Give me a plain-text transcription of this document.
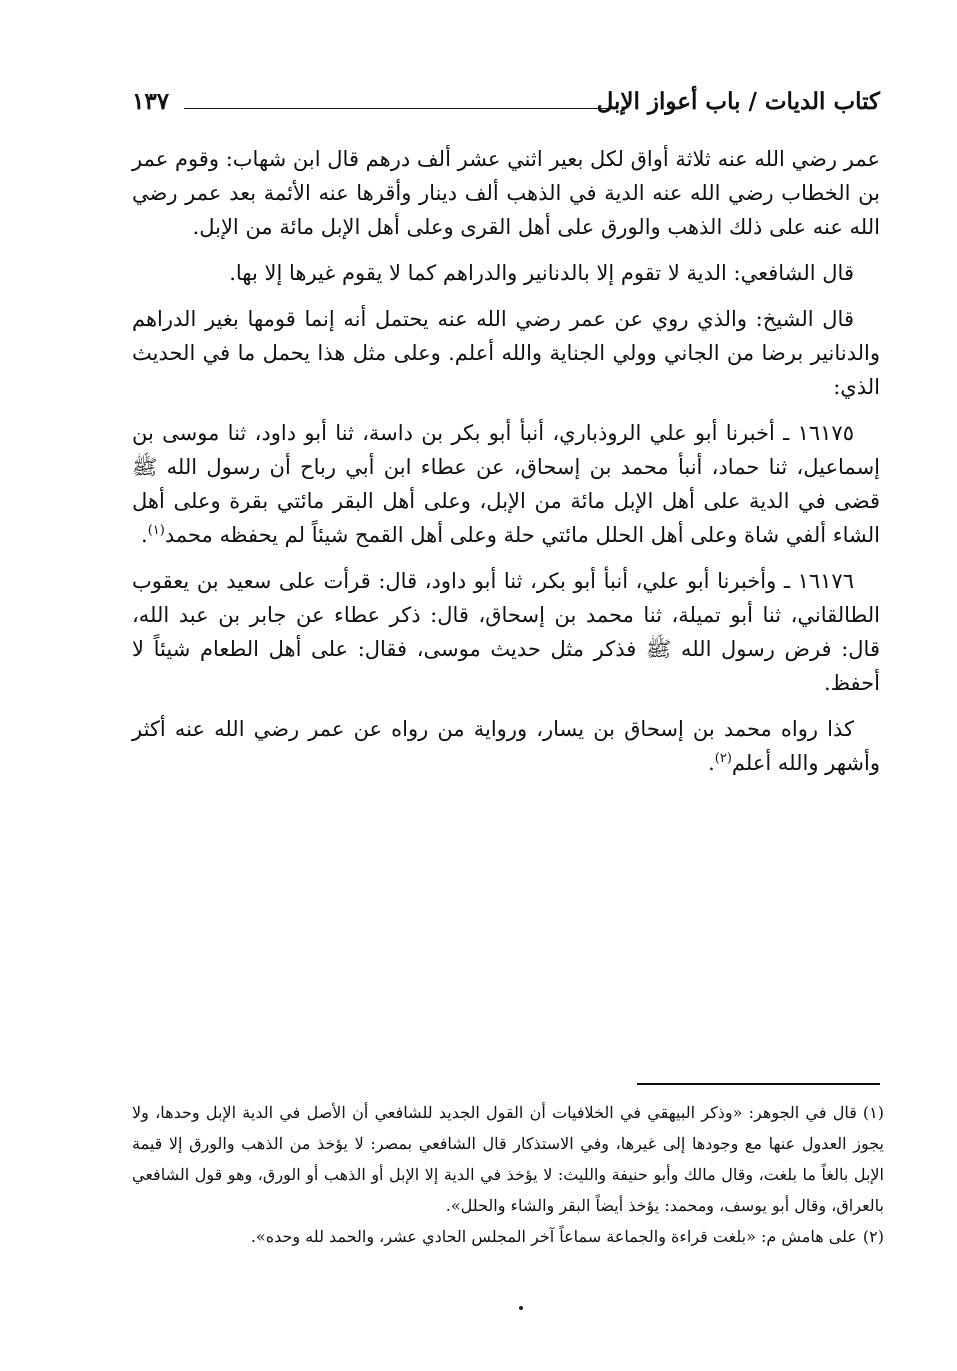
كتاب الديات / باب أعواز الإبل
١٣٧

عمر رضي الله عنه ثلاثة أواق لكل بعير اثني عشر ألف درهم قال ابن شهاب: وقوم عمر بن الخطاب رضي الله عنه الدية في الذهب ألف دينار وأقرها عنه الأئمة بعد عمر رضي الله عنه على ذلك الذهب والورق على أهل القرى وعلى أهل الإبل مائة من الإبل.

قال الشافعي: الدية لا تقوم إلا بالدنانير والدراهم كما لا يقوم غيرها إلا بها.

قال الشيخ: والذي روي عن عمر رضي الله عنه يحتمل أنه إنما قومها بغير الدراهم والدنانير برضا من الجاني وولي الجناية والله أعلم. وعلى مثل هذا يحمل ما في الحديث الذي:

١٦١٧٥ ـ أخبرنا أبو علي الروذباري، أنبأ أبو بكر بن داسة، ثنا أبو داود، ثنا موسى بن إسماعيل، ثنا حماد، أنبأ محمد بن إسحاق، عن عطاء ابن أبي رباح أن رسول الله ﷺ قضى في الدية على أهل الإبل مائة من الإبل، وعلى أهل البقر مائتي بقرة وعلى أهل الشاء ألفي شاة وعلى أهل الحلل مائتي حلة وعلى أهل القمح شيئاً لم يحفظه محمد$^{(١)}$.

١٦١٧٦ ـ وأخبرنا أبو علي، أنبأ أبو بكر، ثنا أبو داود، قال: قرأت على سعيد بن يعقوب الطالقاني، ثنا أبو تميلة، ثنا محمد بن إسحاق، قال: ذكر عطاء عن جابر بن عبد الله، قال: فرض رسول الله ﷺ فذكر مثل حديث موسى، فقال: على أهل الطعام شيئاً لا أحفظ.

كذا رواه محمد بن إسحاق بن يسار، ورواية من رواه عن عمر رضي الله عنه أكثر وأشهر والله أعلم$^{(٢)}$.

(١)قال في الجوهر: «وذكر البيهقي في الخلافيات أن القول الجديد للشافعي أن الأصل في الدية الإبل وحدها، ولا يجوز العدول عنها مع وجودها إلى غيرها، وفي الاستذكار قال الشافعي بمصر: لا يؤخذ من الذهب والورق إلا قيمة الإبل بالغاً ما بلغت، وقال مالك وأبو حنيفة والليث: لا يؤخذ في الدية إلا الإبل أو الذهب أو الورق، وهو قول الشافعي بالعراق، وقال أبو يوسف، ومحمد: يؤخذ أيضاً البقر والشاء والحلل».

(٢)على هامش م: «بلغت قراءة والجماعة سماعاً آخر المجلس الحادي عشر، والحمد لله وحده».
